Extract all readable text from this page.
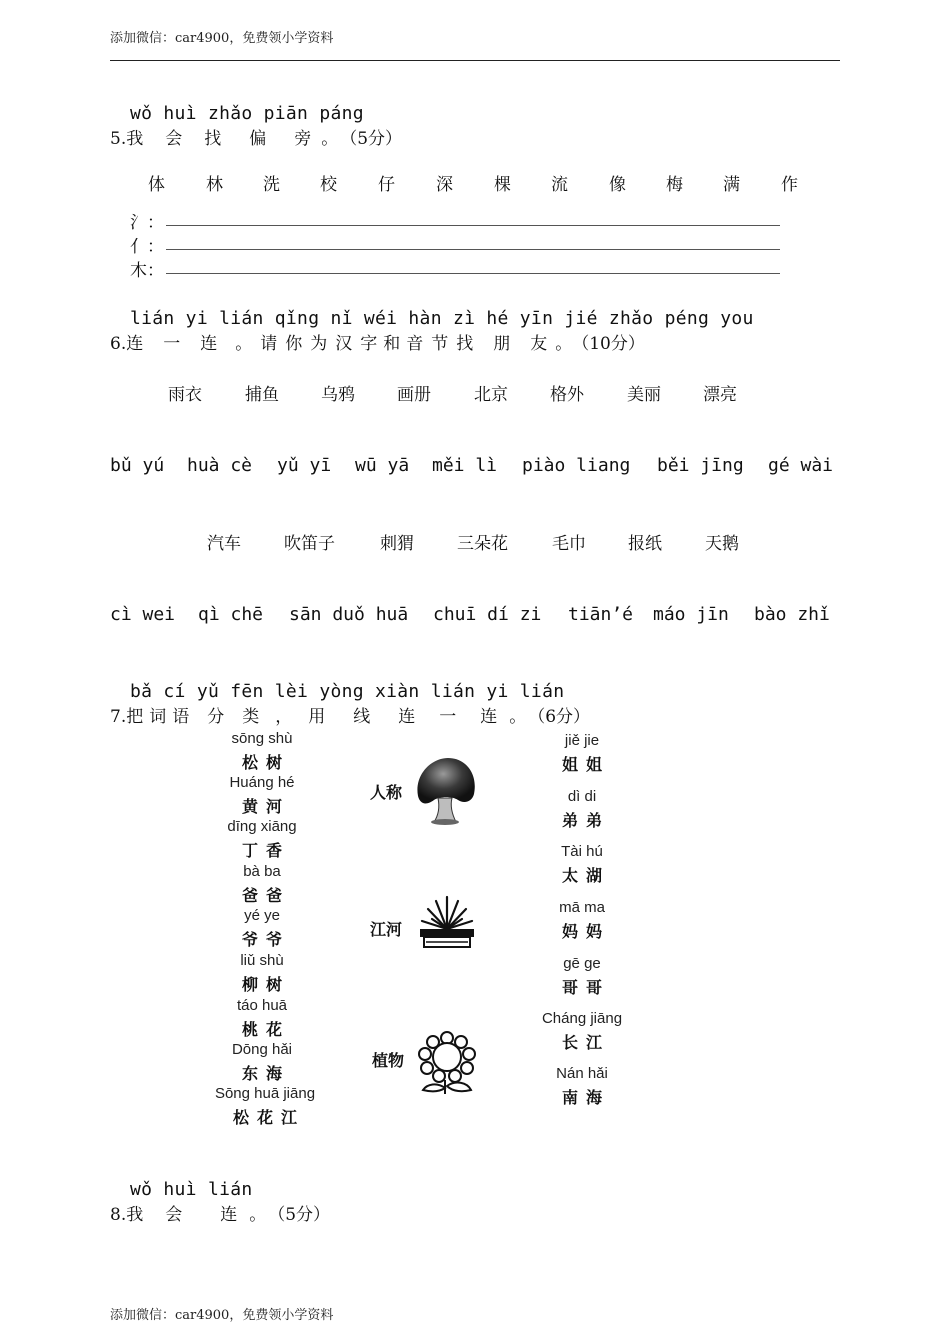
添加微信：car4900，免费领小学资料
wǒ huì zhǎo piān páng
5.我 会 找 偏 旁 。 （5分）
体 林 洗 校 仔 深 棵 流 像 梅 满 作
氵：
亻：
木：
lián yi lián qǐng nǐ wéi hàn zì hé yīn jié zhǎo péng you
6.连 一 连 。 请 你 为 汉 字 和 音 节 找 朋 友 。（10分）
雨衣	捕鱼 乌鸦 画册	北京 格外	美丽 漂亮
bǔ yú huà cè yǔ yī wū yā měi lì piào liang běi jīng gé wài
汽车	吹笛子	刺猬	三朵花	毛巾 报纸	天鹅
cì wei qì chē sān duǒ huā chuī dí zi tiān’é máo jīn bào zhǐ
bǎ cí yǔ fēn lèi yòng xiàn lián yi lián
7.把 词 语 分 类 ， 用 线 连 一 连 。 （6分）
sōng shù
松树
Huáng hé
黄河
dīng xiāng
丁香
bà ba
爸爸
yé ye
爷爷
liǔ shù
柳树
táo huā
桃花
Dōng hǎi
东海
Sōng huā jiāng
松花江
jiě jie
姐姐
dì di
弟弟
Tài hú
太湖
mā ma
妈妈
gē ge
哥哥
Cháng jiāng
长江
Nán hǎi
南海
人称
江河
植物
wǒ huì lián
8.我 会 连 。 （5分）
添加微信：car4900，免费领小学资料
